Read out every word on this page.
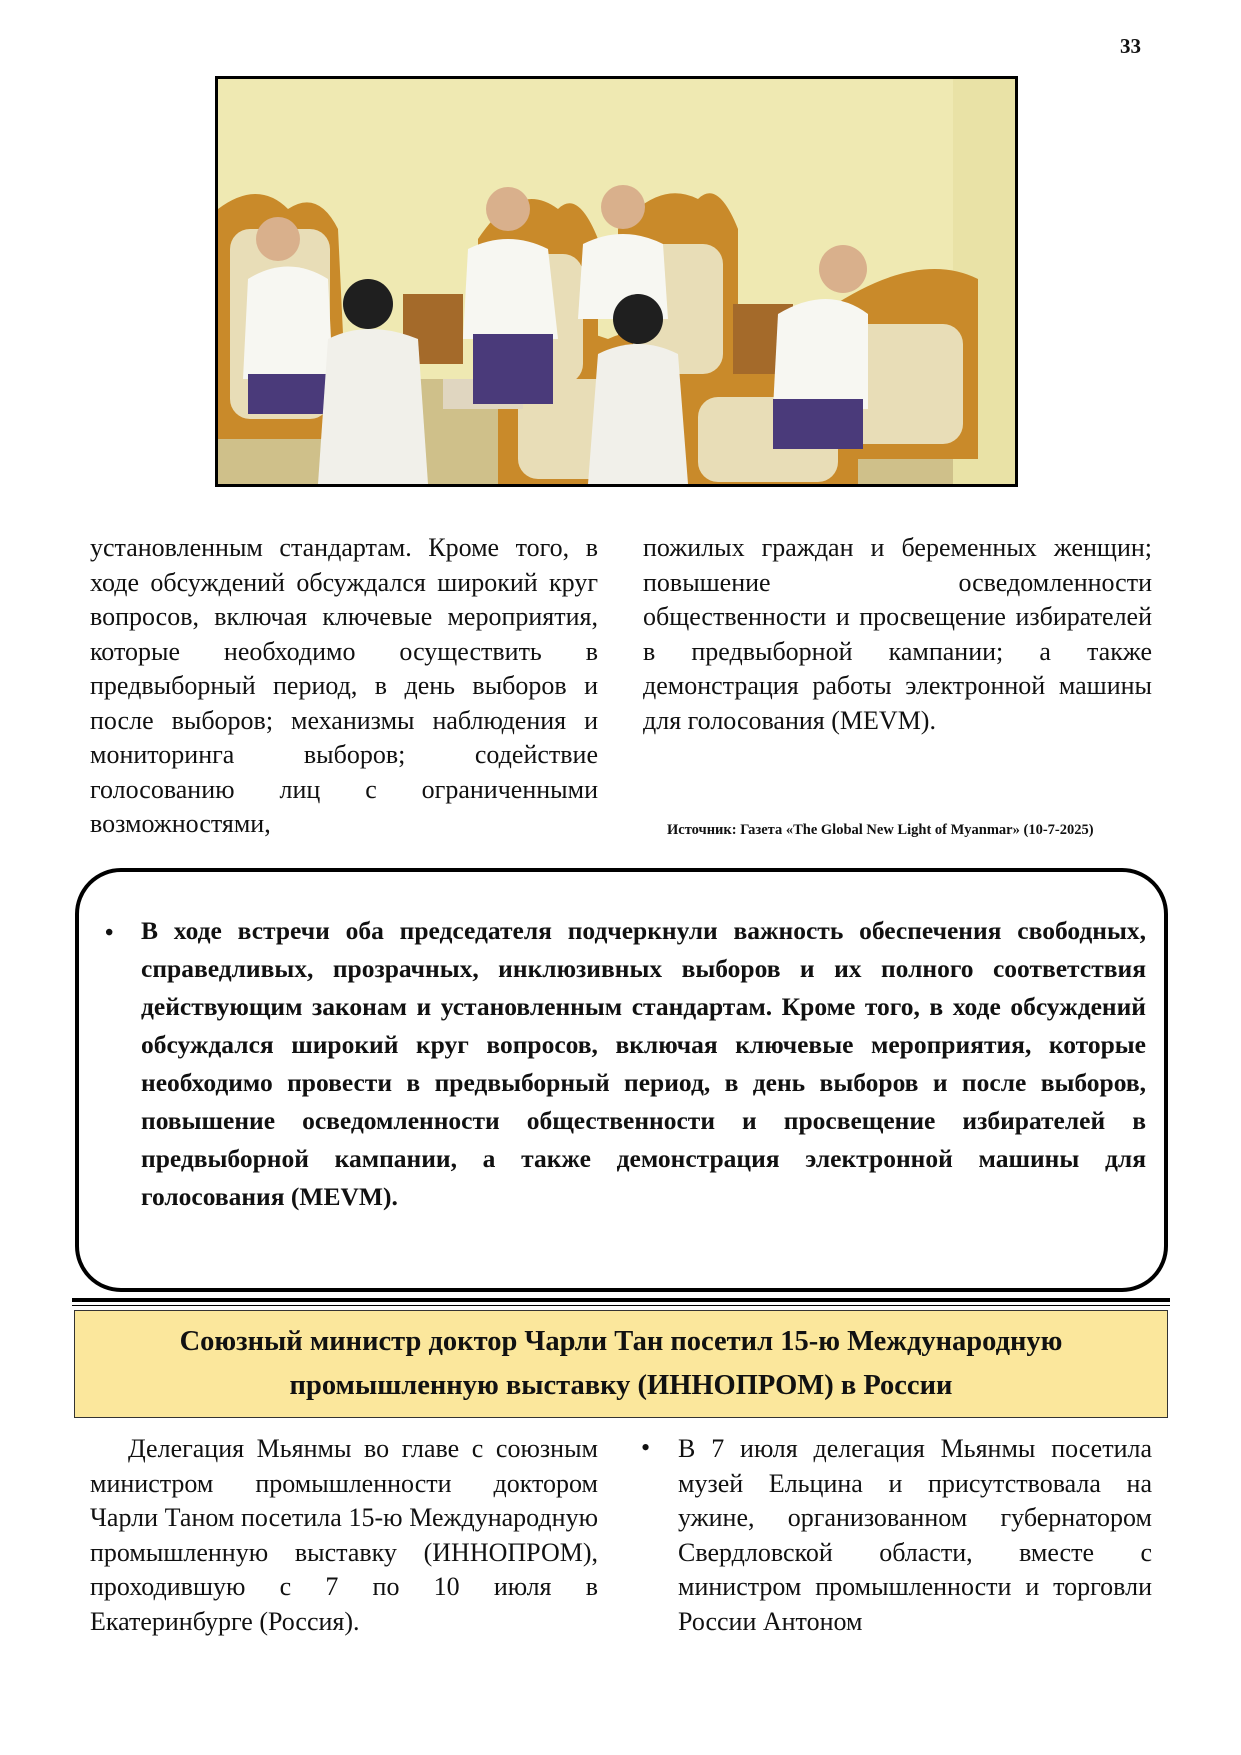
33

установленным стандартам. Кроме того, в ходе обсуждений обсуждался широкий круг вопросов, включая ключевые мероприятия, которые необходимо осуществить в предвыборный период, в день выборов и после выборов; механизмы наблюдения и мониторинга выборов; содействие голосованию лиц с ограниченными возможностями,

пожилых граждан и беременных женщин; повышение осведомленности общественности и просвещение избирателей в предвыборной кампании; а также демонстрация работы электронной машины для голосования (MEVM).

Источник: Газета «The Global New Light of Myanmar» (10-7-2025)
• В ходе встречи оба председателя подчеркнули важность обеспечения свободных, справедливых, прозрачных, инклюзивных выборов и их полного соответствия действующим законам и установленным стандартам. Кроме того, в ходе обсуждений обсуждался широкий круг вопросов, включая ключевые мероприятия, которые необходимо провести в предвыборный период, в день выборов и после выборов, повышение осведомленности общественности и просвещение избирателей в предвыборной кампании, а также демонстрация электронной машины для голосования (MEVM).
Союзный министр доктор Чарли Тан посетил 15-ю Международную промышленную выставку (ИННОПРОМ) в России

Делегация Мьянмы во главе с союзным министром промышленности доктором Чарли Таном посетила 15-ю Международную промышленную выставку (ИННОПРОМ), проходившую с 7 по 10 июля в Екатеринбурге (Россия).

• В 7 июля делегация Мьянмы посетила музей Ельцина и присутствовала на ужине, организованном губернатором Свердловской области, вместе с министром промышленности и торговли России Антоном
